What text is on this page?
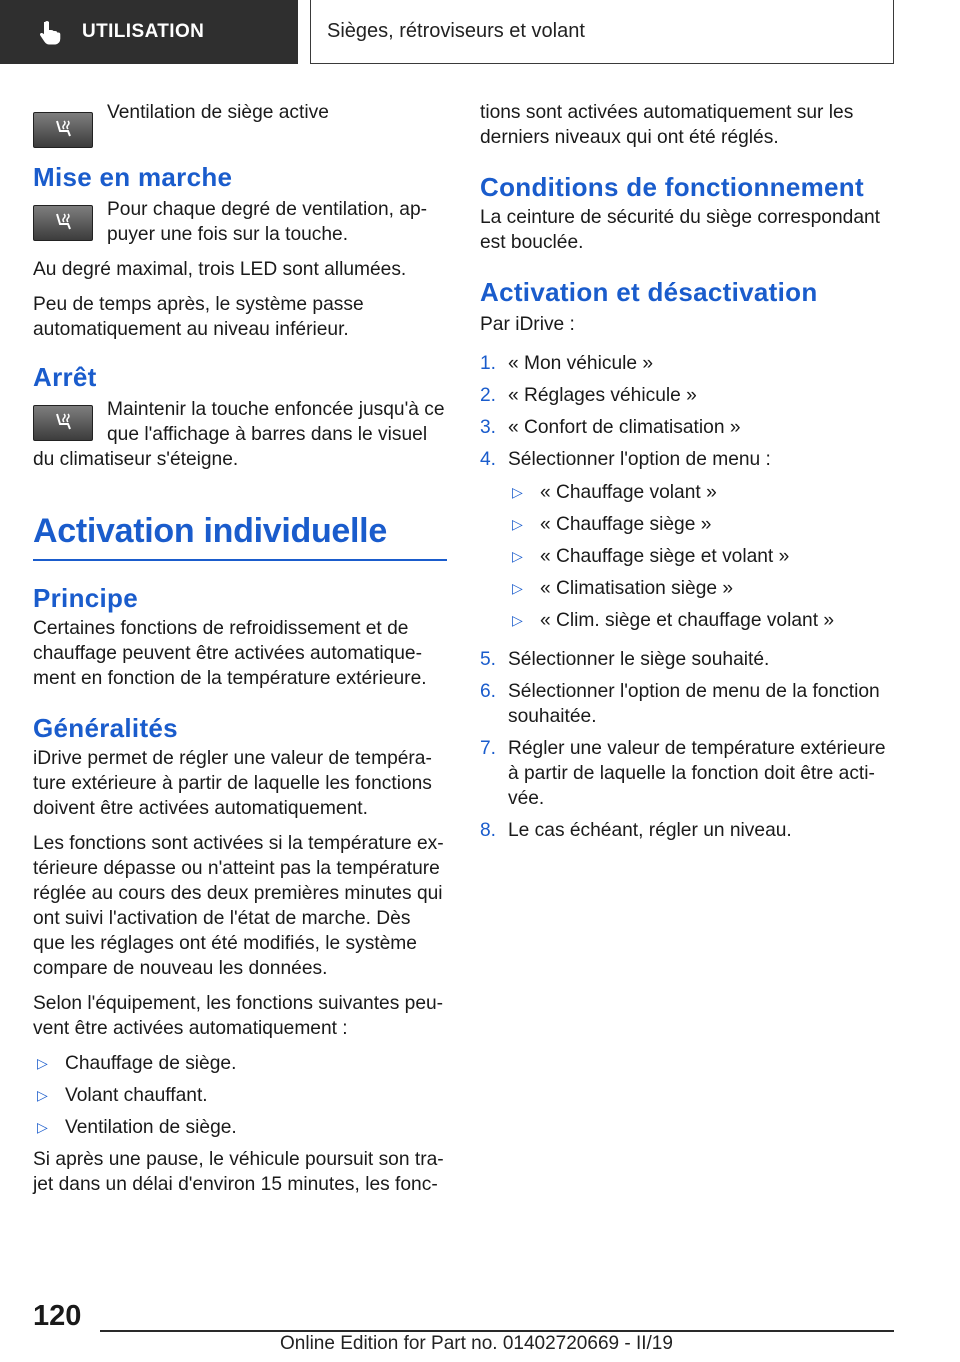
UTILISATION	Sièges, rétroviseurs et volant

Ventilation de siège active

Mise en marche

Pour chaque degré de ventilation, appuyer une fois sur la touche.

Au degré maximal, trois LED sont allumées.

Peu de temps après, le système passe automatiquement au niveau inférieur.

Arrêt

Maintenir la touche enfoncée jusqu'à ce que l'affichage à barres dans le visuel du climatiseur s'éteigne.

Activation individuelle
Principe

Certaines fonctions de refroidissement et de chauffage peuvent être activées automatiquement en fonction de la température extérieure.

Généralités

iDrive permet de régler une valeur de température extérieure à partir de laquelle les fonctions doivent être activées automatiquement.

Les fonctions sont activées si la température extérieure dépasse ou n'atteint pas la température réglée au cours des deux premières minutes qui ont suivi l'activation de l'état de marche. Dès que les réglages ont été modifiés, le système compare de nouveau les données.

Selon l'équipement, les fonctions suivantes peuvent être activées automatiquement :

▷ Chauffage de siège.
▷ Volant chauffant.
▷ Ventilation de siège.

Si après une pause, le véhicule poursuit son trajet dans un délai d'environ 15 minutes, les fonc-

tions sont activées automatiquement sur les derniers niveaux qui ont été réglés.

Conditions de fonctionnement

La ceinture de sécurité du siège correspondant est bouclée.

Activation et désactivation

Par iDrive :

1. « Mon véhicule »
2. « Réglages véhicule »
3. « Confort de climatisation »
4. Sélectionner l'option de menu :
▷ « Chauffage volant »
▷ « Chauffage siège »
▷ « Chauffage siège et volant »
▷ « Climatisation siège »
▷ « Clim. siège et chauffage volant »
5. Sélectionner le siège souhaité.
6. Sélectionner l'option de menu de la fonction souhaitée.
7. Régler une valeur de température extérieure à partir de laquelle la fonction doit être activée.
8. Le cas échéant, régler un niveau.
120
Online Edition for Part no. 01402720669 - II/19
